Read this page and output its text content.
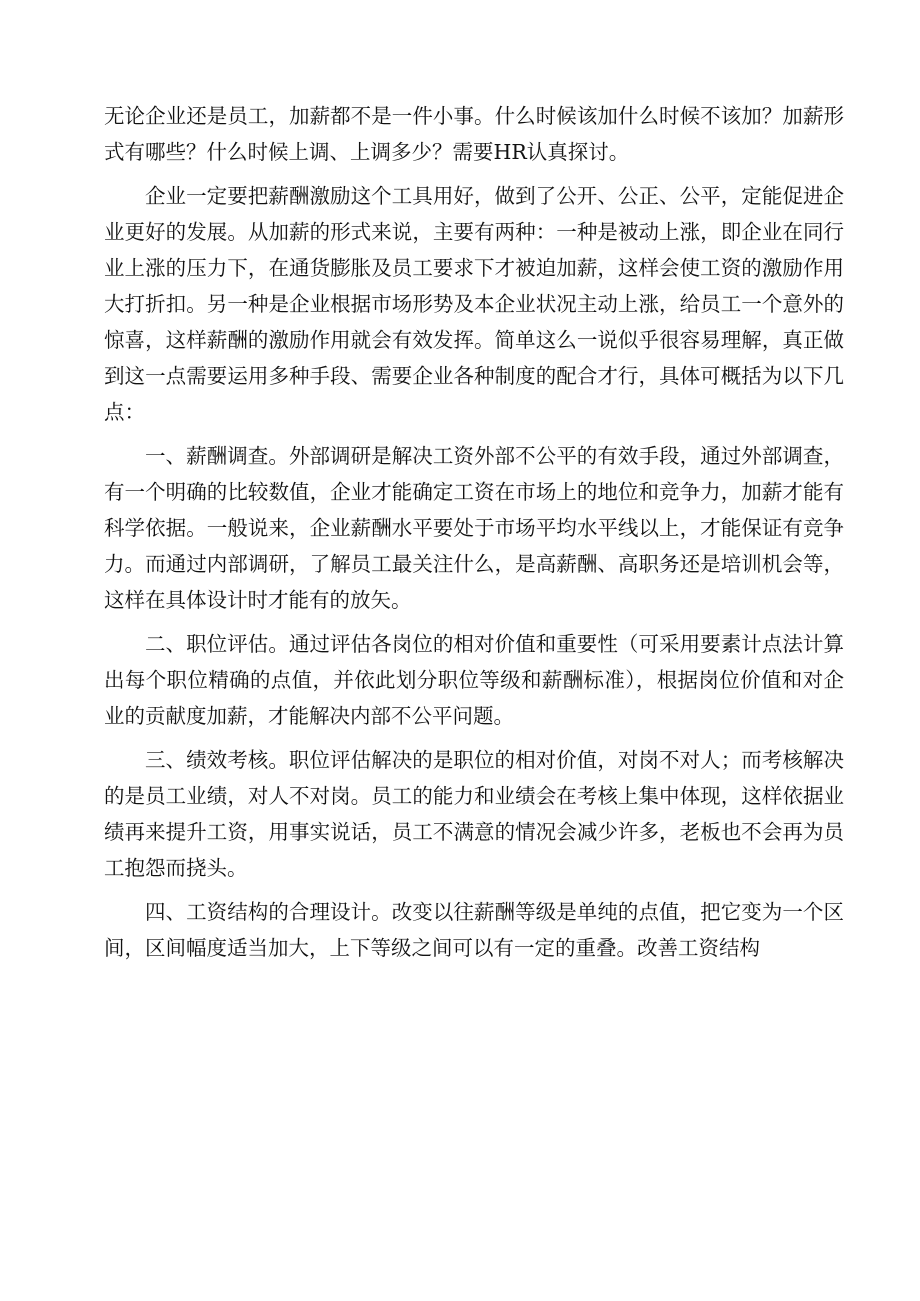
无论企业还是员工，加薪都不是一件小事。什么时候该加什么时候不该加？加薪形式有哪些？什么时候上调、上调多少？需要HR认真探讨。

企业一定要把薪酬激励这个工具用好，做到了公开、公正、公平，定能促进企业更好的发展。从加薪的形式来说，主要有两种：一种是被动上涨，即企业在同行业上涨的压力下，在通货膨胀及员工要求下才被迫加薪，这样会使工资的激励作用大打折扣。另一种是企业根据市场形势及本企业状况主动上涨，给员工一个意外的惊喜，这样薪酬的激励作用就会有效发挥。简单这么一说似乎很容易理解，真正做到这一点需要运用多种手段、需要企业各种制度的配合才行，具体可概括为以下几点：

一、薪酬调查。外部调研是解决工资外部不公平的有效手段，通过外部调查，有一个明确的比较数值，企业才能确定工资在市场上的地位和竞争力，加薪才能有科学依据。一般说来，企业薪酬水平要处于市场平均水平线以上，才能保证有竞争力。而通过内部调研，了解员工最关注什么，是高薪酬、高职务还是培训机会等，这样在具体设计时才能有的放矢。

二、职位评估。通过评估各岗位的相对价值和重要性（可采用要素计点法计算出每个职位精确的点值，并依此划分职位等级和薪酬标准），根据岗位价值和对企业的贡献度加薪，才能解决内部不公平问题。

三、绩效考核。职位评估解决的是职位的相对价值，对岗不对人；而考核解决的是员工业绩，对人不对岗。员工的能力和业绩会在考核上集中体现，这样依据业绩再来提升工资，用事实说话，员工不满意的情况会减少许多，老板也不会再为员工抱怨而挠头。

四、工资结构的合理设计。改变以往薪酬等级是单纯的点值，把它变为一个区间，区间幅度适当加大，上下等级之间可以有一定的重叠。改善工资结构
